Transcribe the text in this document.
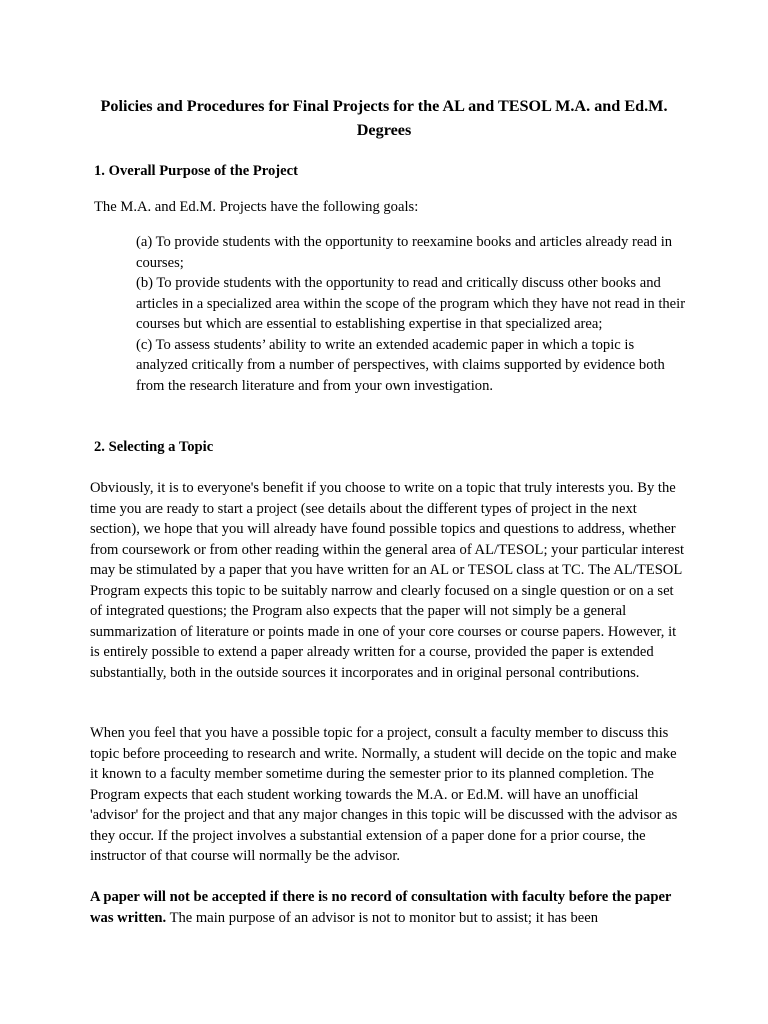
Policies and Procedures for Final Projects for the AL and TESOL M.A. and Ed.M. Degrees
1. Overall Purpose of the Project
The M.A. and Ed.M. Projects have the following goals:
(a) To provide students with the opportunity to reexamine books and articles already read in courses;
(b) To provide students with the opportunity to read and critically discuss other books and articles in a specialized area within the scope of the program which they have not read in their courses but which are essential to establishing expertise in that specialized area;
(c) To assess students’ ability to write an extended academic paper in which a topic is analyzed critically from a number of perspectives, with claims supported by evidence both from the research literature and from your own investigation.
2. Selecting a Topic
Obviously, it is to everyone's benefit if you choose to write on a topic that truly interests you. By the time you are ready to start a project (see details about the different types of project in the next section), we hope that you will already have found possible topics and questions to address, whether from coursework or from other reading within the general area of AL/TESOL; your particular interest may be stimulated by a paper that you have written for an AL or TESOL class at TC. The AL/TESOL Program expects this topic to be suitably narrow and clearly focused on a single question or on a set of integrated questions; the Program also expects that the paper will not simply be a general summarization of literature or points made in one of your core courses or course papers. However, it is entirely possible to extend a paper already written for a course, provided the paper is extended substantially, both in the outside sources it incorporates and in original personal contributions.
When you feel that you have a possible topic for a project, consult a faculty member to discuss this topic before proceeding to research and write. Normally, a student will decide on the topic and make it known to a faculty member sometime during the semester prior to its planned completion. The Program expects that each student working towards the M.A. or Ed.M. will have an unofficial 'advisor' for the project and that any major changes in this topic will be discussed with the advisor as they occur. If the project involves a substantial extension of a paper done for a prior course, the instructor of that course will normally be the advisor.
A paper will not be accepted if there is no record of consultation with faculty before the paper was written. The main purpose of an advisor is not to monitor but to assist; it has been
